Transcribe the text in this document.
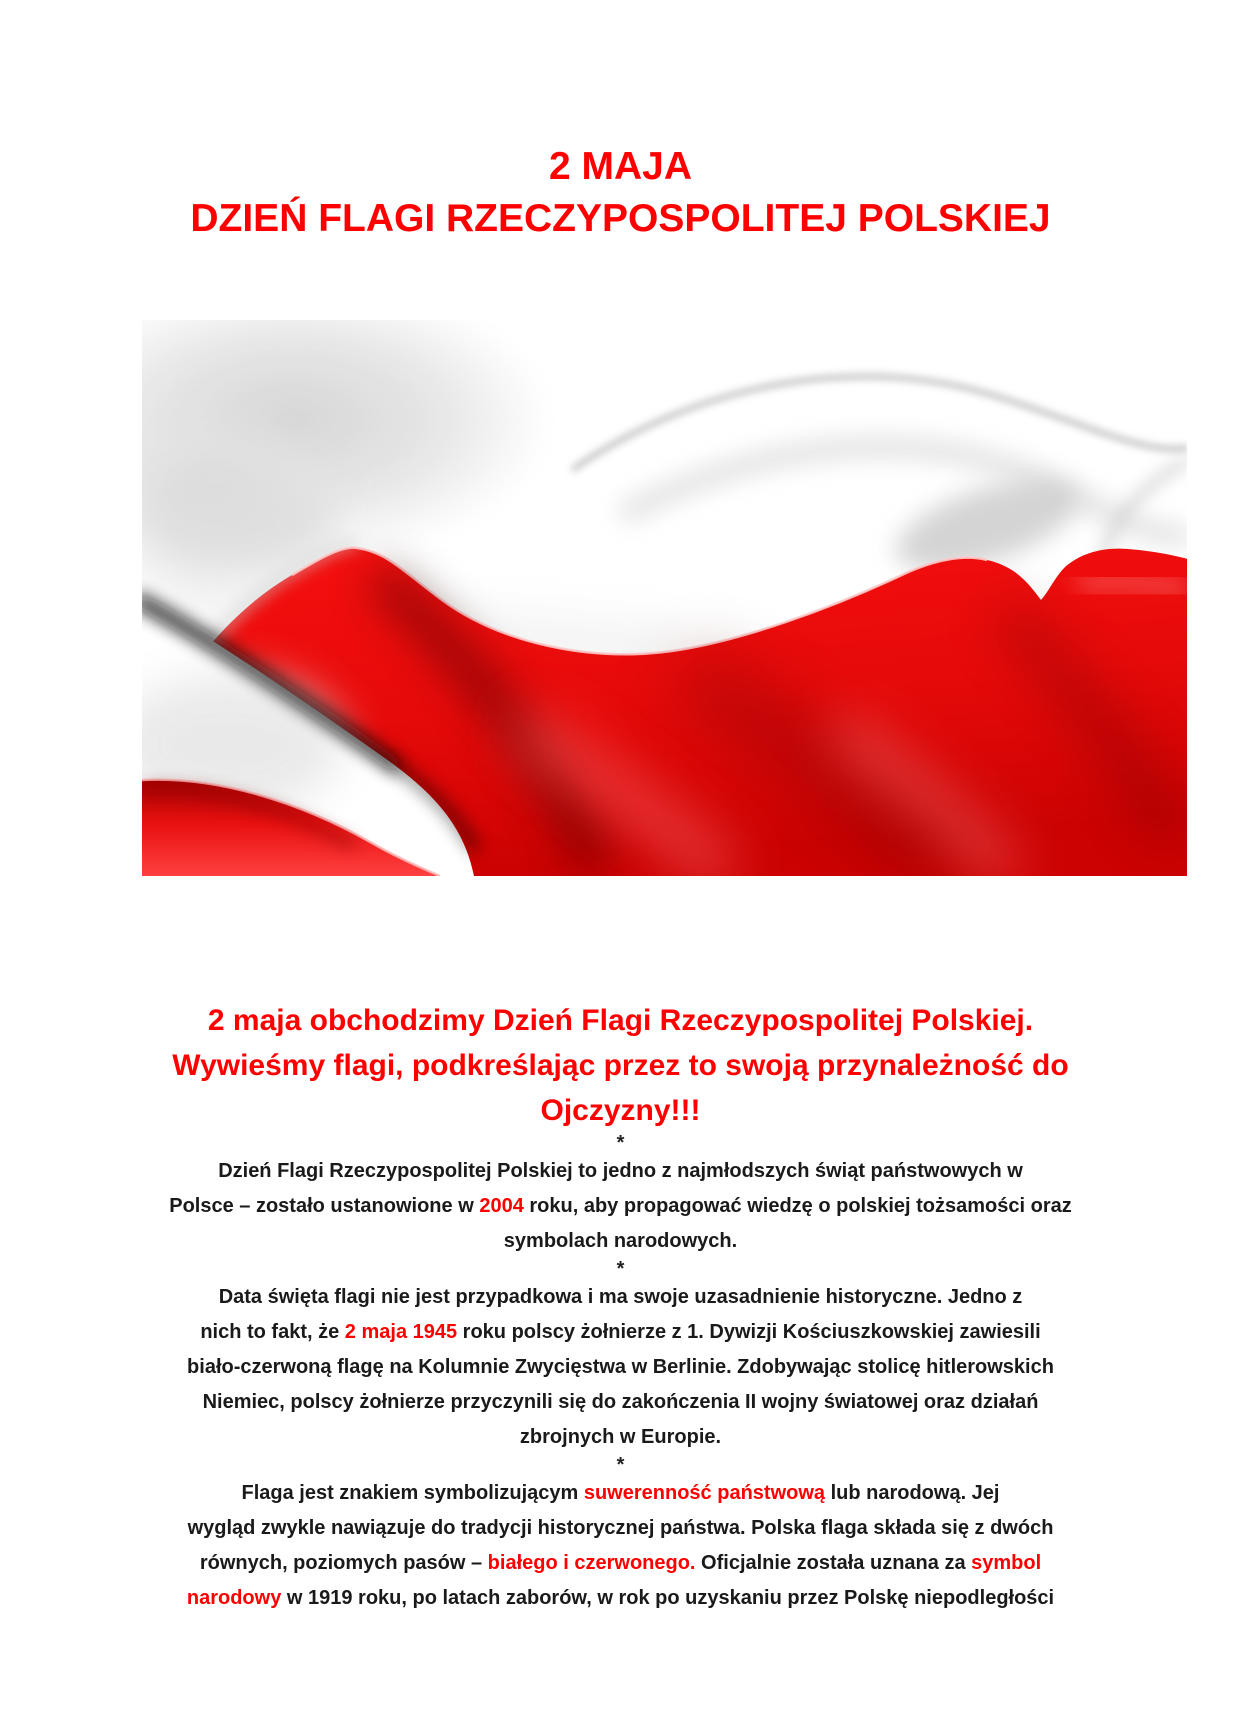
2 MAJA
DZIEŃ FLAGI RZECZYPOSPOLITEJ POLSKIEJ
2 maja obchodzimy Dzień Flagi Rzeczypospolitej Polskiej.
Wywieśmy flagi, podkreślając przez to swoją przynależność do
Ojczyzny!!!
*
Dzień Flagi Rzeczypospolitej Polskiej to jedno z najmłodszych świąt państwowych w
Polsce – zostało ustanowione w 2004 roku, aby propagować wiedzę o polskiej tożsamości oraz
symbolach narodowych.
*
Data święta flagi nie jest przypadkowa i ma swoje uzasadnienie historyczne. Jedno z
nich to fakt, że 2 maja 1945 roku polscy żołnierze z 1. Dywizji Kościuszkowskiej zawiesili
biało-czerwoną flagę na Kolumnie Zwycięstwa w Berlinie. Zdobywając stolicę hitlerowskich
Niemiec, polscy żołnierze przyczynili się do zakończenia II wojny światowej oraz działań
zbrojnych w Europie.
*
Flaga jest znakiem symbolizującym suwerenność państwową lub narodową. Jej
wygląd zwykle nawiązuje do tradycji historycznej państwa. Polska flaga składa się z dwóch
równych, poziomych pasów – białego i czerwonego. Oficjalnie została uznana za symbol
narodowy w 1919 roku, po latach zaborów, w rok po uzyskaniu przez Polskę niepodległości
